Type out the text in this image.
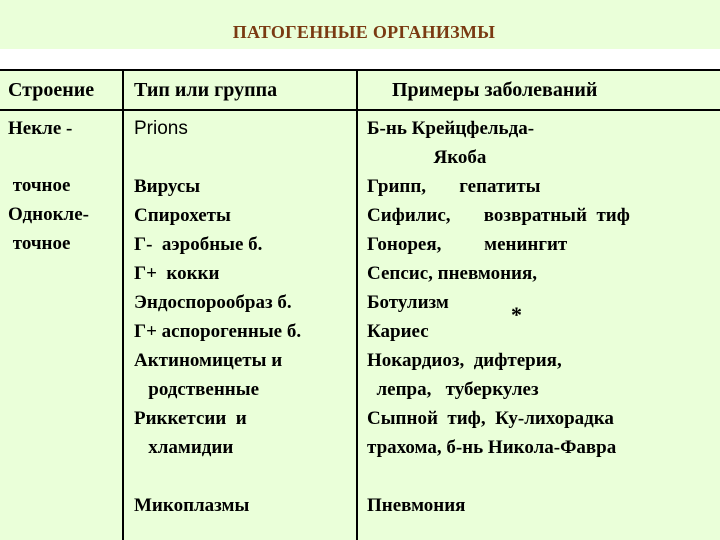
ПАТОГЕННЫЕ ОРГАНИЗМЫ
Строение Тип или группа	Примеры заболеваний
Некле -
точное
Однокле-
точное
Prions
Вирусы
Спирохеты
Г-  аэробные б.
Г+  кокки
Эндоспорообраз б.
Г+ аспорогенные б.
Актиномицеты и
родственные
Риккетсии  и
хламидии
Микоплазмы
Б-нь Крейцфельда-
Якоба
Грипп,       гепатиты
Сифилис,       возвратный  тиф
Гонорея,         менингит
Сепсис, пневмония,
Ботулизм
Кариес
Нокардиоз,  дифтерия,
лепра,   туберкулез
Сыпной  тиф,  Ку-лихорадка
трахома, б-нь Никола-Фавра
Пневмония
*
